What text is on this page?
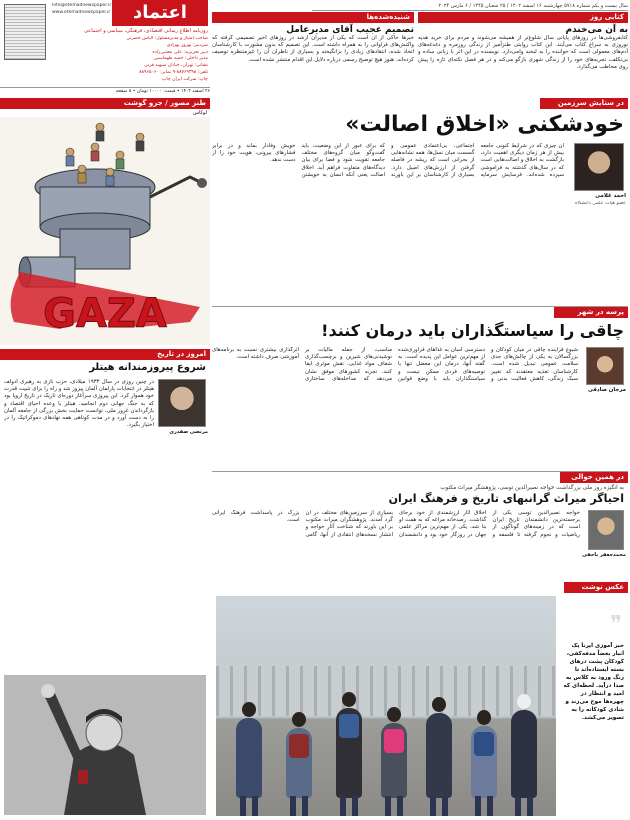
اعتماد
Info@etemadnewspaper.ir
www.etemadnewspaper.ir
روزنامه اطلاع رسانی اقتصادی، فرهنگی، سیاسی و اجتماعی
صاحب امتیاز و مدیرمسئول: الیاس حضرتی
سردبیر: بهروز بهزادی
دبیر تحریریه: علی مجتبی‌زاده
مدیر داخلی: حمید طهماسبی
نشانی: تهران، خیابان سپهبد قرنی
تلفن: ۸۸۷۶۹۳۹۸-۹ نمابر: ۸۸۹۶۵۰۶۰
چاپ: شرکت ایران چاپ
۲۶ اسفند ۱۴۰۲ • قیمت: ۱۰۰۰۰ تومان • ۸ صفحه
سال بیست و یکم شماره ۵۷۱۸ چهارشنبه ۱۶ اسفند ۱۴۰۲ / ۲۵ شعبان ۱۴۴۵ / ۶ مارس ۲۰۲۴
شنیده‌شده‌ها
تصمیم عجیب آقای مدیرعامل
خبرها حاکی از آن است که یکی از مدیران ارشد در روزهای اخیر تصمیمی گرفته که واکنش‌های فراوانی را به همراه داشته است. این تصمیم که بدون مشورت با کارشناسان اتخاذ شده، انتقادهای زیادی را برانگیخته و بسیاری از ناظران آن را غیرمنتظره توصیف کرده‌اند. هنوز هیچ توضیح رسمی درباره دلایل این اقدام منتشر نشده است.
کتابی روز
به آن می‌خندم
کتابفروشی‌ها در روزهای پایانی سال شلوغ‌تر از همیشه می‌شوند و مردم برای خرید هدیه نوروزی به سراغ کتاب می‌آیند. این کتاب روایتی طنزآمیز از زندگی روزمره و دغدغه‌های آدم‌های معمولی است که خواننده را به لبخند وامی‌دارد. نویسنده در این اثر با زبانی ساده و بی‌تکلف، تجربه‌های خود را از زندگی شهری بازگو می‌کند و در هر فصل نکته‌ای تازه را پیش روی مخاطب می‌گذارد.
طنز مصور / جزو گوشت
لوکاس
GAZA
امروز در تاریخ
شروع پیروزمندانه هیتلر
مرتضی صفدری
در چنین روزی در سال ۱۹۳۳ میلادی، حزب نازی به رهبری آدولف هیتلر در انتخابات پارلمان آلمان پیروز شد و راه را برای تثبیت قدرت خود هموار کرد. این پیروزی سرآغاز دوره‌ای تاریک در تاریخ اروپا بود که به جنگ جهانی دوم انجامید. هیتلر با وعده احیای اقتصاد و بازگرداندن غرور ملی، توانست حمایت بخش بزرگی از جامعه آلمان را به دست آورد و در مدت کوتاهی همه نهادهای دموکراتیک را در اختیار بگیرد.
در ستایش سرزمین
خودشکنی «اخلاق اصالت»
احمد غلامی
عضو هیات علمی دانشگاه
آن چیزی که در شرایط کنونی جامعه بیش از هر زمان دیگری اهمیت دارد، بازگشت به اخلاق و اصالت‌هایی است که در سال‌های گذشته به فراموشی سپرده شده‌اند. فرسایش سرمایه اجتماعی، بی‌اعتمادی عمومی و گسست میان نسل‌ها، همه نشانه‌هایی از بحرانی است که ریشه در فاصله گرفتن از ارزش‌های اصیل دارد. بسیاری از کارشناسان بر این باورند که برای عبور از این وضعیت، باید گفت‌وگو میان گروه‌های مختلف جامعه تقویت شود و فضا برای بیان دیدگاه‌های متفاوت فراهم آید. اخلاق اصالت یعنی آنکه انسان به خویشتن خویش وفادار بماند و در برابر فشارهای بیرونی، هویت خود را از دست ندهد.
پرسه در شهر
چاقی را سیاستگذاران باید درمان کنند!
مرجان صادقی
شیوع فزاینده چاقی در میان کودکان و بزرگسالان به یکی از چالش‌های جدی سلامت عمومی تبدیل شده است. کارشناسان تغذیه معتقدند که تغییر سبک زندگی، کاهش فعالیت بدنی و دسترسی آسان به غذاهای فرآوری‌شده از مهم‌ترین عوامل این پدیده است. به گفته آنها، درمان این معضل تنها با توصیه‌های فردی ممکن نیست و سیاستگذاران باید با وضع قوانین مناسب، از جمله مالیات بر نوشیدنی‌های شیرین و برچسب‌گذاری شفاف مواد غذایی، نقش موثری ایفا کنند. تجربه کشورهای موفق نشان می‌دهد که مداخله‌های ساختاری اثرگذاری بیشتری نسبت به برنامه‌های آموزشی صرف داشته است.
در همین حوالی
به انگیزه روز ملی بزرگداشت خواجه نصیرالدین توسی، پژوهشگر میراث مکتوب
احیاگر میراث گرانبهای تاریخ و فرهنگ ایران
محمدجعفر یاحقی
خواجه نصیرالدین توسی یکی از برجسته‌ترین دانشمندان تاریخ ایران است که در زمینه‌های گوناگون از ریاضیات و نجوم گرفته تا فلسفه و اخلاق آثار ارزشمندی از خود برجای گذاشت. رصدخانه مراغه که به همت او بنا شد، یکی از مهم‌ترین مراکز علمی جهان در روزگار خود بود و دانشمندان بسیاری از سرزمین‌های مختلف در آن گرد آمدند. پژوهشگران میراث مکتوب بر این باورند که شناخت آثار خواجه و انتشار نسخه‌های انتقادی از آنها، گامی بزرگ در پاسداشت فرهنگ ایرانی است.
عکس نوشت
❞
خبر آموزی ایرنا یک انبار بعضاً مدفه‌کفی، کودکان پشت درهای بسته ایستاده‌اند تا زنگ ورود به کلاس به صدا درآید. لحظه‌ای که امید و انتظار در چهره‌ها موج می‌زند و شادی کودکانه را به تصویر می‌کشد.
